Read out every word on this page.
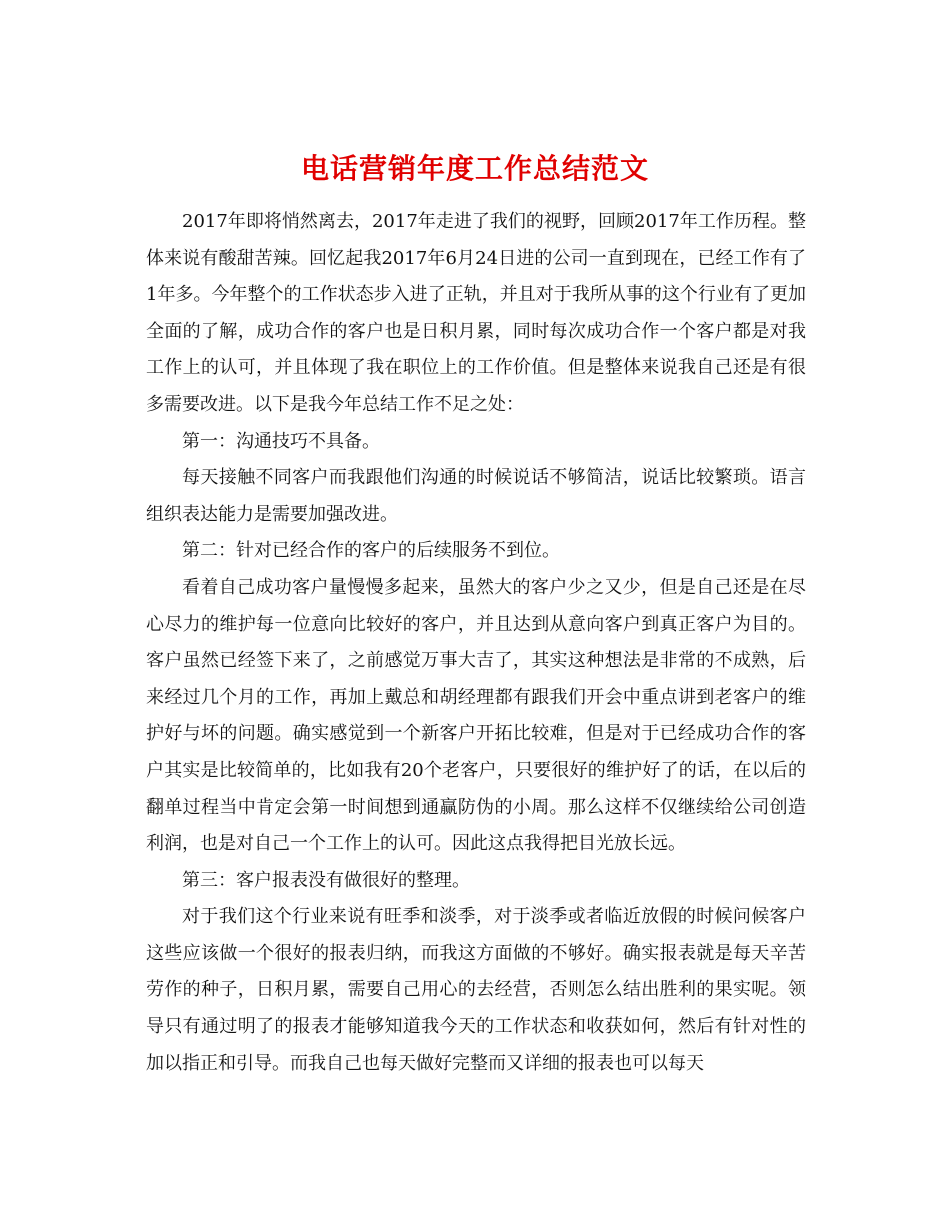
电话营销年度工作总结范文

2017年即将悄然离去，2017年走进了我们的视野，回顾2017年工作历程。整体来说有酸甜苦辣。回忆起我2017年6月24日进的公司一直到现在，已经工作有了1年多。今年整个的工作状态步入进了正轨，并且对于我所从事的这个行业有了更加全面的了解，成功合作的客户也是日积月累，同时每次成功合作一个客户都是对我工作上的认可，并且体现了我在职位上的工作价值。但是整体来说我自己还是有很多需要改进。以下是我今年总结工作不足之处：

第一：沟通技巧不具备。

每天接触不同客户而我跟他们沟通的时候说话不够简洁，说话比较繁琐。语言组织表达能力是需要加强改进。

第二：针对已经合作的客户的后续服务不到位。

看着自己成功客户量慢慢多起来，虽然大的客户少之又少，但是自己还是在尽心尽力的维护每一位意向比较好的客户，并且达到从意向客户到真正客户为目的。客户虽然已经签下来了，之前感觉万事大吉了，其实这种想法是非常的不成熟，后来经过几个月的工作，再加上戴总和胡经理都有跟我们开会中重点讲到老客户的维护好与坏的问题。确实感觉到一个新客户开拓比较难，但是对于已经成功合作的客户其实是比较简单的，比如我有20个老客户，只要很好的维护好了的话，在以后的翻单过程当中肯定会第一时间想到通赢防伪的小周。那么这样不仅继续给公司创造利润，也是对自己一个工作上的认可。因此这点我得把目光放长远。

第三：客户报表没有做很好的整理。

对于我们这个行业来说有旺季和淡季，对于淡季或者临近放假的时候问候客户这些应该做一个很好的报表归纳，而我这方面做的不够好。确实报表就是每天辛苦劳作的种子，日积月累，需要自己用心的去经营，否则怎么结出胜利的果实呢。领导只有通过明了的报表才能够知道我今天的工作状态和收获如何，然后有针对性的加以指正和引导。而我自己也每天做好完整而又详细的报表也可以每天
